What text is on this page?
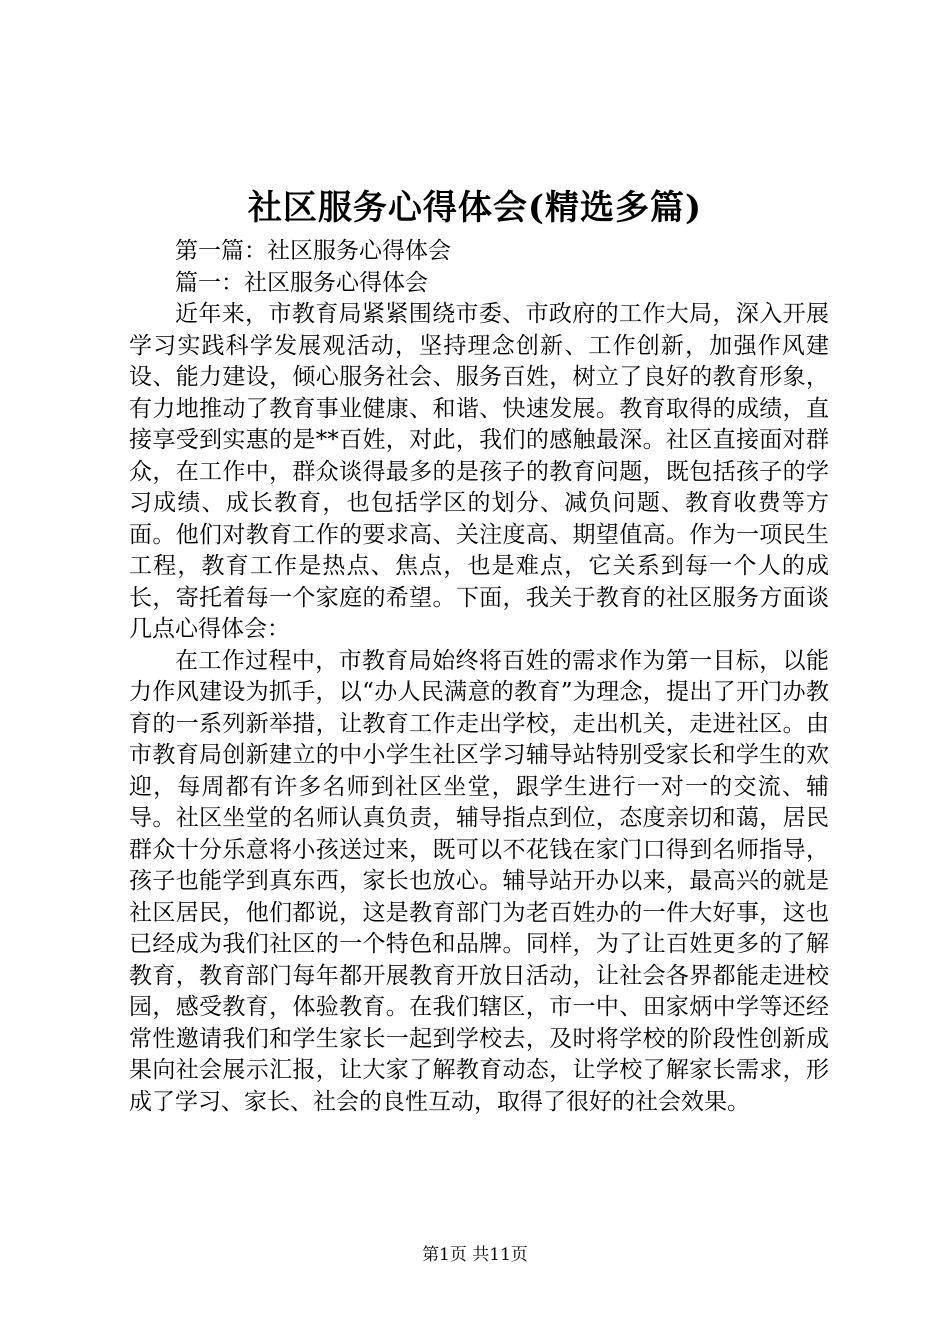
社区服务心得体会(精选多篇)

第一篇：社区服务心得体会

篇一：社区服务心得体会

近年来，市教育局紧紧围绕市委、市政府的工作大局，深入开展学习实践科学发展观活动，坚持理念创新、工作创新，加强作风建设、能力建设，倾心服务社会、服务百姓，树立了良好的教育形象，有力地推动了教育事业健康、和谐、快速发展。教育取得的成绩，直接享受到实惠的是**百姓，对此，我们的感触最深。社区直接面对群众，在工作中，群众谈得最多的是孩子的教育问题，既包括孩子的学习成绩、成长教育，也包括学区的划分、减负问题、教育收费等方面。他们对教育工作的要求高、关注度高、期望值高。作为一项民生工程，教育工作是热点、焦点，也是难点，它关系到每一个人的成长，寄托着每一个家庭的希望。下面，我关于教育的社区服务方面谈几点心得体会：

在工作过程中，市教育局始终将百姓的需求作为第一目标，以能力作风建设为抓手，以“办人民满意的教育”为理念，提出了开门办教育的一系列新举措，让教育工作走出学校，走出机关，走进社区。由市教育局创新建立的中小学生社区学习辅导站特别受家长和学生的欢迎，每周都有许多名师到社区坐堂，跟学生进行一对一的交流、辅导。社区坐堂的名师认真负责，辅导指点到位，态度亲切和蔼，居民群众十分乐意将小孩送过来，既可以不花钱在家门口得到名师指导，孩子也能学到真东西，家长也放心。辅导站开办以来，最高兴的就是社区居民，他们都说，这是教育部门为老百姓办的一件大好事，这也已经成为我们社区的一个特色和品牌。同样，为了让百姓更多的了解教育，教育部门每年都开展教育开放日活动，让社会各界都能走进校园，感受教育，体验教育。在我们辖区，市一中、田家炳中学等还经常性邀请我们和学生家长一起到学校去，及时将学校的阶段性创新成果向社会展示汇报，让大家了解教育动态，让学校了解家长需求，形成了学习、家长、社会的良性互动，取得了很好的社会效果。

第1页 共11页
